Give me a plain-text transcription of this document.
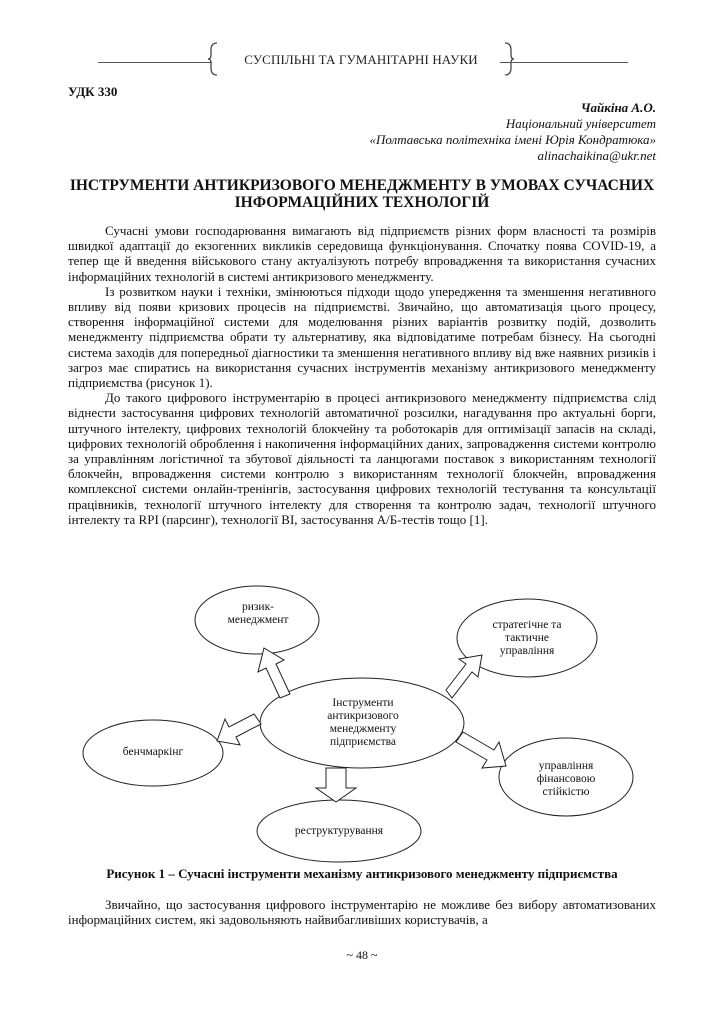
СУСПІЛЬНІ ТА ГУМАНІТАРНІ НАУКИ
УДК 330
Чайкіна А.О.
Національний університет
«Полтавська політехніка імені Юрія Кондратюка»
alinachaikina@ukr.net
ІНСТРУМЕНТИ АНТИКРИЗОВОГО МЕНЕДЖМЕНТУ В УМОВАХ СУЧАСНИХ ІНФОРМАЦІЙНИХ ТЕХНОЛОГІЙ

Сучасні умови господарювання вимагають від підприємств різних форм власності та розмірів швидкої адаптації до екзогенних викликів середовища функціонування. Спочатку поява COVID-19, а тепер ще й введення військового стану актуалізують потребу впровадження та використання сучасних інформаційних технологій в системі антикризового менеджменту.

Із розвитком науки і техніки, змінюються підходи щодо упередження та зменшення негативного впливу від появи кризових процесів на підприємстві. Звичайно, що автоматизація цього процесу, створення інформаційної системи для моделювання різних варіантів розвитку подій, дозволить менеджменту підприємства обрати ту альтернативу, яка відповідатиме потребам бізнесу. На сьогодні система заходів для попередньої діагностики та зменшення негативного впливу від вже наявних ризиків і загроз має спиратись на використання сучасних інструментів механізму антикризового менеджменту підприємства (рисунок 1).

До такого цифрового інструментарію в процесі антикризового менеджменту підприємства слід віднести застосування цифрових технологій автоматичної розсилки, нагадування про актуальні борги, штучного інтелекту, цифрових технологій блокчейну та роботокарів для оптимізації запасів на складі, цифрових технологій оброблення і накопичення інформаційних даних, запровадження системи контролю за управлінням логістичної та збутової діяльності та ланцюгами поставок з використанням технології блокчейн, впровадження системи контролю з використанням технології блокчейн, впровадження комплексної системи онлайн-тренінгів, застосування цифрових технологій тестування та консультації працівників, технології штучного інтелекту для створення та контролю задач, технології штучного інтелекту та RPI (парсинг), технології BI, застосування А/Б-тестів тощо [1].

ризик-
менеджмент	стратегічне та
тактичне
управління
Інструменти
антикризового
менеджменту
підприємства
бенчмаркінг
управління
фінансовою
стійкістю
реструктурування
Рисунок 1 – Сучасні інструменти механізму антикризового менеджменту підприємства

Звичайно, що застосування цифрового інструментарію не можливе без вибору автоматизованих інформаційних систем, які задовольняють найвибагливіших користувачів, а

~ 48 ~
